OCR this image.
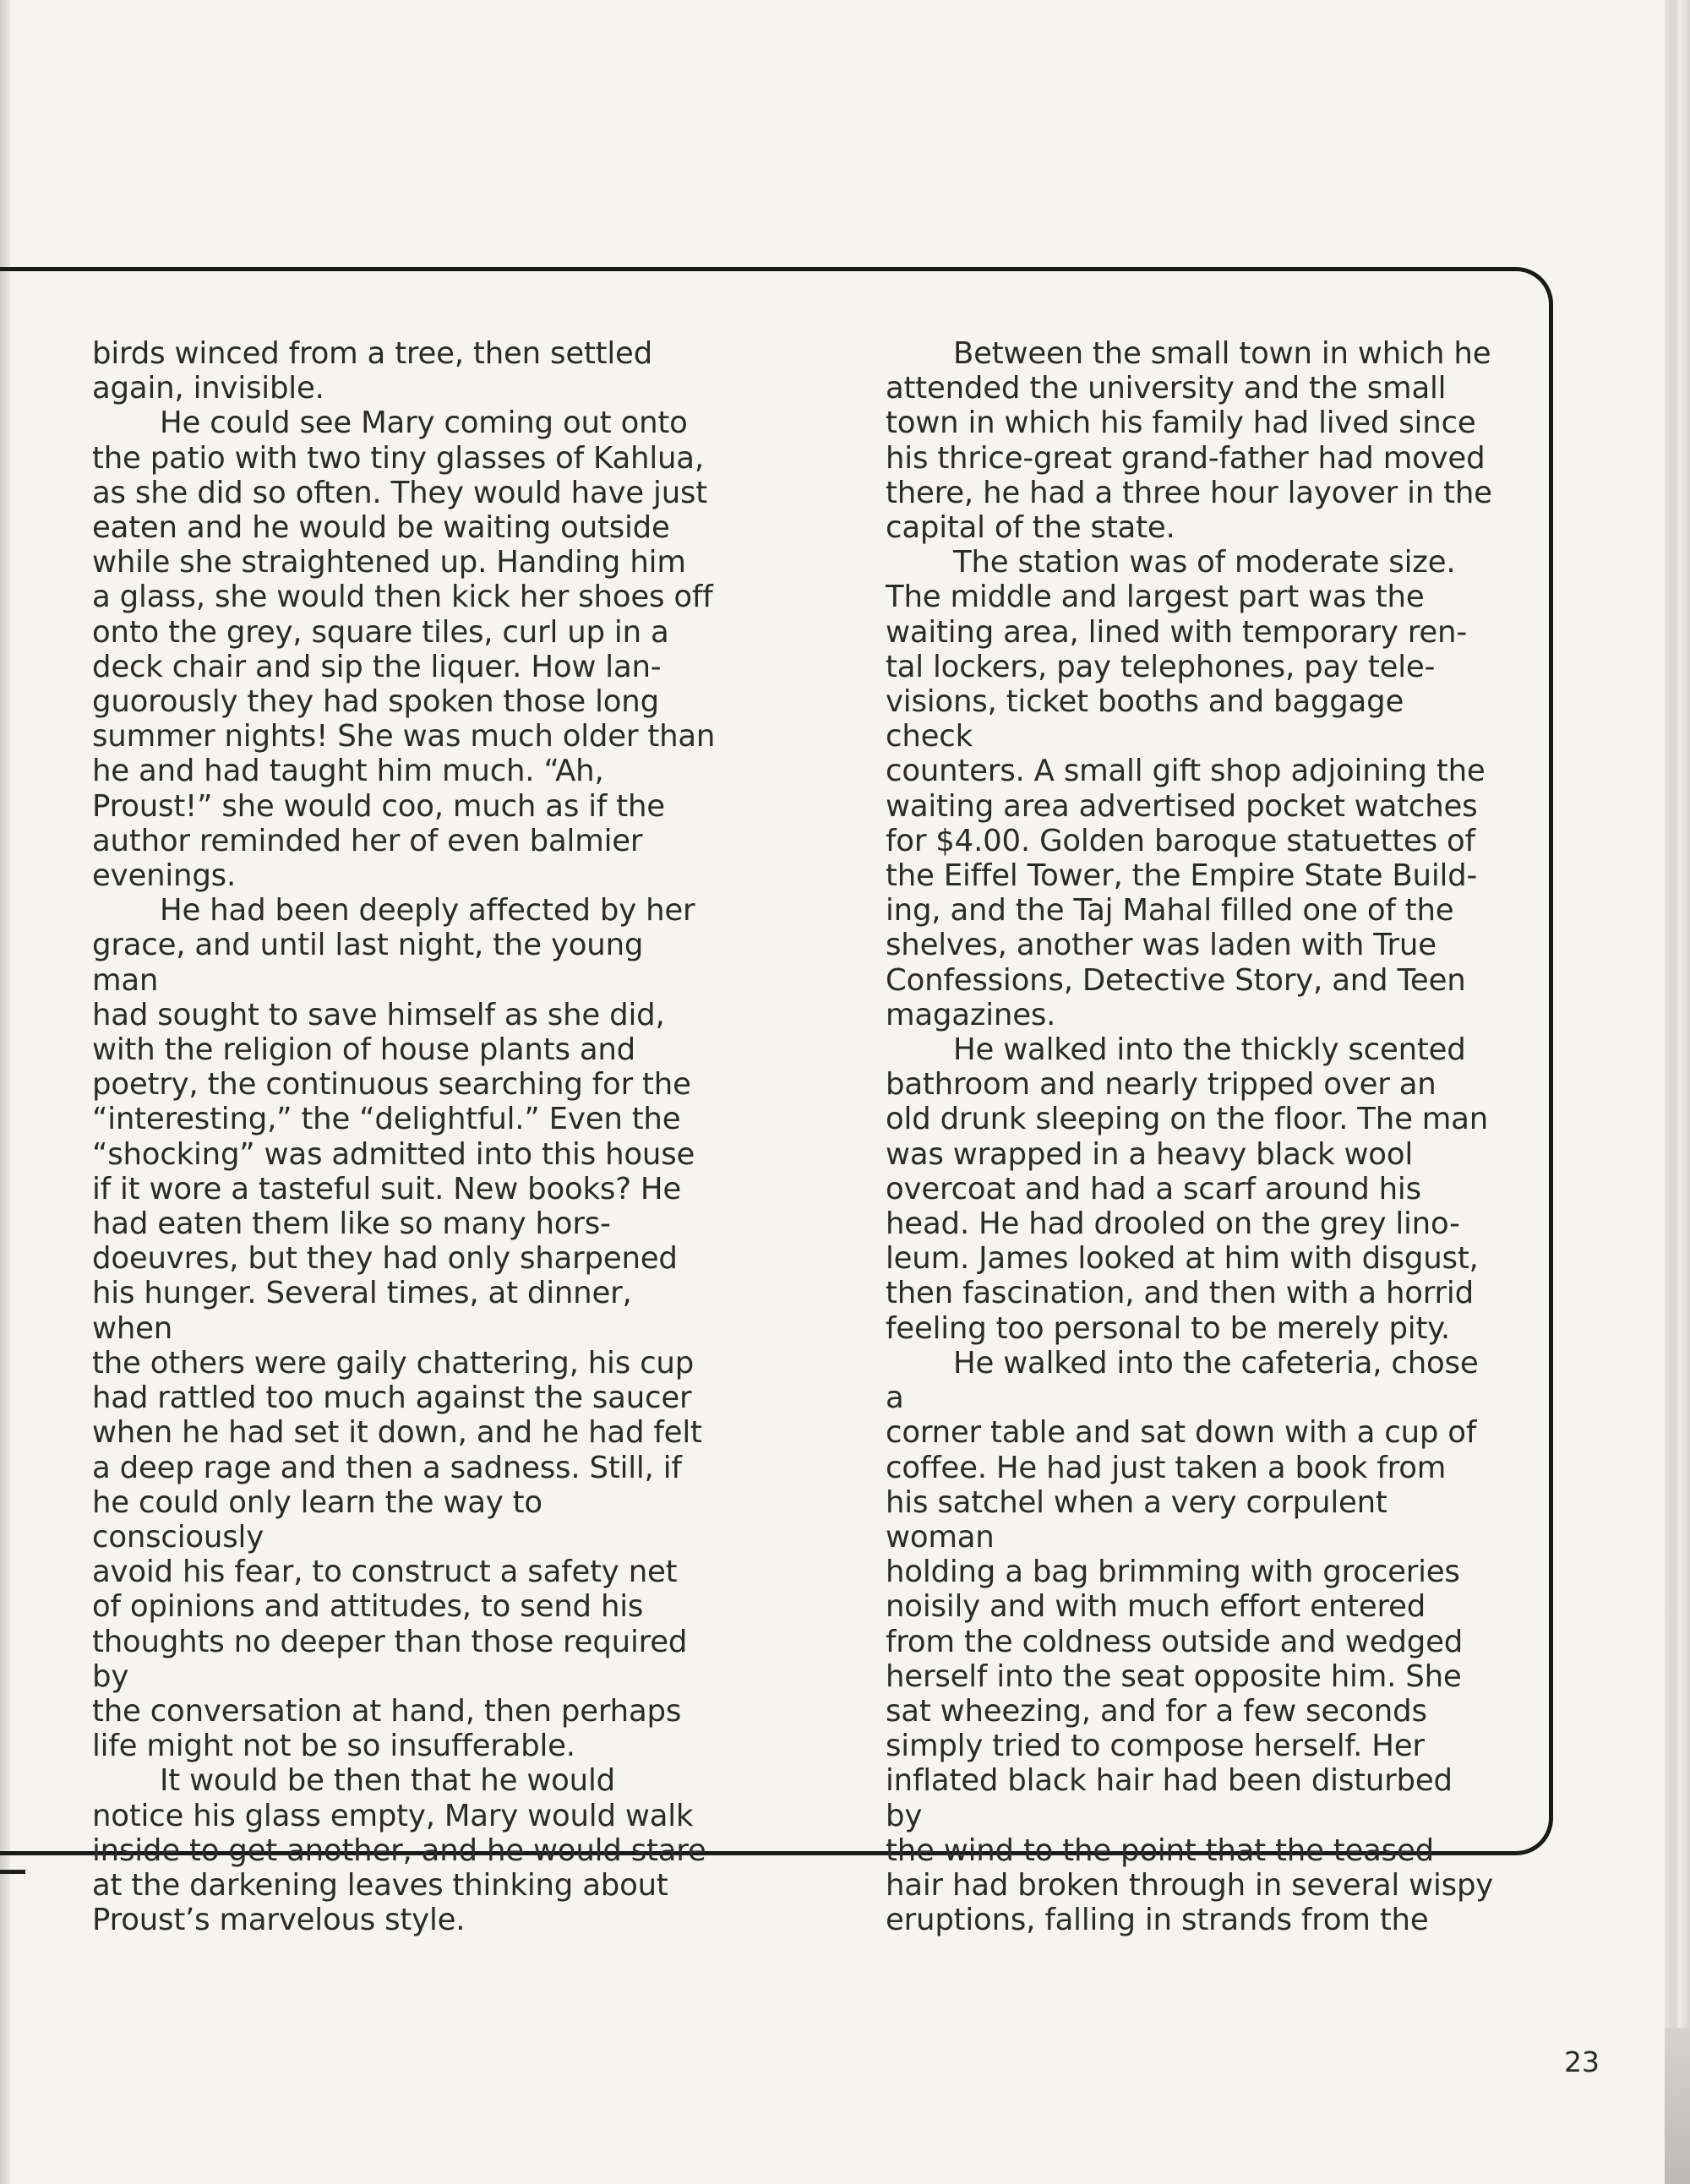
birds winced from a tree, then settled
again, invisible.

He could see Mary coming out onto
the patio with two tiny glasses of Kahlua,
as she did so often. They would have just
eaten and he would be waiting outside
while she straightened up. Handing him
a glass, she would then kick her shoes off
onto the grey, square tiles, curl up in a
deck chair and sip the liquer. How lan-
guorously they had spoken those long
summer nights! She was much older than
he and had taught him much. “Ah,
Proust!” she would coo, much as if the
author reminded her of even balmier
evenings.

He had been deeply affected by her
grace, and until last night, the young man
had sought to save himself as she did,
with the religion of house plants and
poetry, the continuous searching for the
“interesting,” the “delightful.” Even the
“shocking” was admitted into this house
if it wore a tasteful suit. New books? He
had eaten them like so many hors-
doeuvres, but they had only sharpened
his hunger. Several times, at dinner, when
the others were gaily chattering, his cup
had rattled too much against the saucer
when he had set it down, and he had felt
a deep rage and then a sadness. Still, if
he could only learn the way to consciously
avoid his fear, to construct a safety net
of opinions and attitudes, to send his
thoughts no deeper than those required by
the conversation at hand, then perhaps
life might not be so insufferable.

It would be then that he would
notice his glass empty, Mary would walk
inside to get another, and he would stare
at the darkening leaves thinking about
Proust’s marvelous style.

Between the small town in which he
attended the university and the small
town in which his family had lived since
his thrice-great grand-father had moved
there, he had a three hour layover in the
capital of the state.

The station was of moderate size.
The middle and largest part was the
waiting area, lined with temporary ren-
tal lockers, pay telephones, pay tele-
visions, ticket booths and baggage check
counters. A small gift shop adjoining the
waiting area advertised pocket watches
for $4.00. Golden baroque statuettes of
the Eiffel Tower, the Empire State Build-
ing, and the Taj Mahal filled one of the
shelves, another was laden with True
Confessions, Detective Story, and Teen
magazines.

He walked into the thickly scented
bathroom and nearly tripped over an
old drunk sleeping on the floor. The man
was wrapped in a heavy black wool
overcoat and had a scarf around his
head. He had drooled on the grey lino-
leum. James looked at him with disgust,
then fascination, and then with a horrid
feeling too personal to be merely pity.

He walked into the cafeteria, chose a
corner table and sat down with a cup of
coffee. He had just taken a book from
his satchel when a very corpulent woman
holding a bag brimming with groceries
noisily and with much effort entered
from the coldness outside and wedged
herself into the seat opposite him. She
sat wheezing, and for a few seconds
simply tried to compose herself. Her
inflated black hair had been disturbed by
the wind to the point that the teased
hair had broken through in several wispy
eruptions, falling in strands from the

23
